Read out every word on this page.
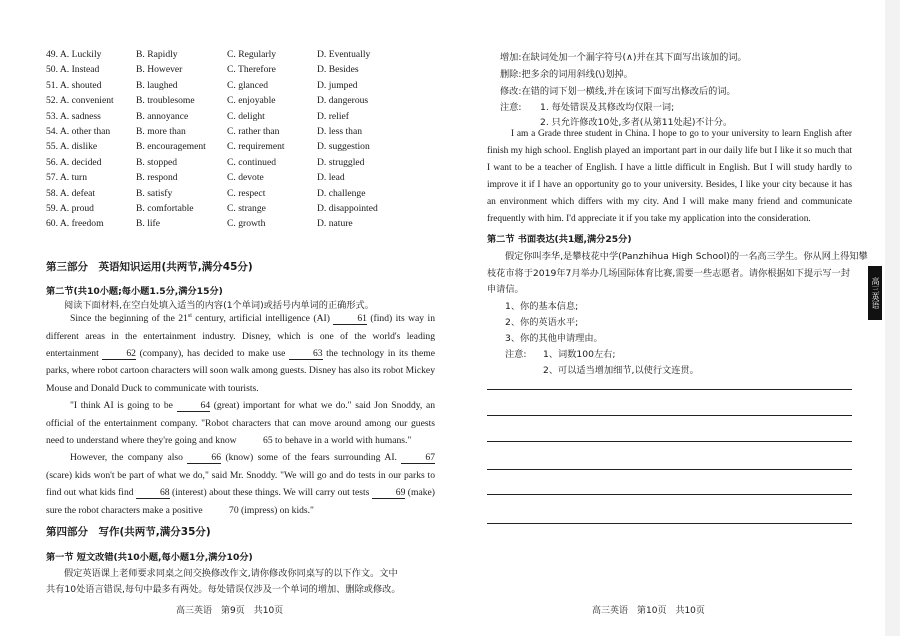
49. A. Luckily	B. Rapidly	C. Regularly	D. Eventually
50. A. Instead	B. However	C. Therefore	D. Besides
51. A. shouted	B. laughed	C. glanced	D. jumped
52. A. convenient	B. troublesome	C. enjoyable	D. dangerous
53. A. sadness	B. annoyance	C. delight	D. relief
54. A. other than	B. more than	C. rather than	D. less than
55. A. dislike	B. encouragement	C. requirement	D. suggestion
56. A. decided	B. stopped	C. continued	D. struggled
57. A. turn	B. respond	C. devote	D. lead
58. A. defeat	B. satisfy	C. respect	D. challenge
59. A. proud	B. comfortable	C. strange	D. disappointed
60. A. freedom	B. life	C. growth	D. nature
第三部分　英语知识运用(共两节,满分45分)
第二节(共10小题;每小题1.5分,满分15分)
阅读下面材料,在空白处填入适当的内容(1个单词)或括号内单词的正确形式。

Since the beginning of the 21st century, artificial intelligence (AI)	61 (find) its way in different areas in the entertainment industry. Disney, which is one of the world's leading entertainment	62 (company), has decided to make use	63 the technology in its theme parks, where robot cartoon characters will soon walk among guests. Disney has also its robot Mickey Mouse and Donald Duck to communicate with tourists.

"I think AI is going to be	64 (great) important for what we do." said Jon Snoddy, an official of the entertainment company. "Robot characters that can move around among our guests need to understand where they're going and know	65 to behave in a world with humans."

However, the company also	66 (know) some of the fears surrounding AI.	67 (scare) kids won't be part of what we do," said Mr. Snoddy. "We will go and do tests in our parks to find out what kids find	68 (interest) about these things. We will carry out tests	69 (make) sure the robot characters make a positive	70 (impress) on kids."

第四部分　写作(共两节,满分35分)
第一节 短文改错(共10小题,每小题1分,满分10分)
假定英语课上老师要求同桌之间交换修改作文,请你修改你同桌写的以下作文。文中
共有10处语言错误,每句中最多有两处。每处错误仅涉及一个单词的增加、删除或修改。
高三英语　第9页　共10页
增加:在缺词处加一个漏字符号(∧)并在其下面写出该加的词。
删除:把多余的词用斜线(\)划掉。
修改:在错的词下划一横线,并在该词下面写出修改后的词。
注意: 1. 每处错误及其修改均仅限一词;
2. 只允许修改10处,多者(从第11处起)不计分。
I am a Grade three student in China. I hope to go to your university to learn English after finish my high school. English played an important part in our daily life but I like it so much that I want to be a teacher of English. I have a little difficult in English. But I will study hardly to improve it if I have an opportunity go to your university. Besides, I like your city because it has an environment which differs with my city. And I will make many friend and communicate frequently with him. I'd appreciate it if you take my application into the consideration.
第二节 书面表达(共1题,满分25分)
假定你叫李华,是攀枝花中学(Panzhihua High School)的一名高三学生。你从网上得知攀
枝花市将于2019年7月举办几场国际体育比赛,需要一些志愿者。请你根据如下提示写一封
申请信。
1、你的基本信息;
2、你的英语水平;
3、你的其他申请理由。
注意: 1、词数100左右;
2、可以适当增加细节,以使行文连贯。
高三英语　第10页　共10页
高三英语
